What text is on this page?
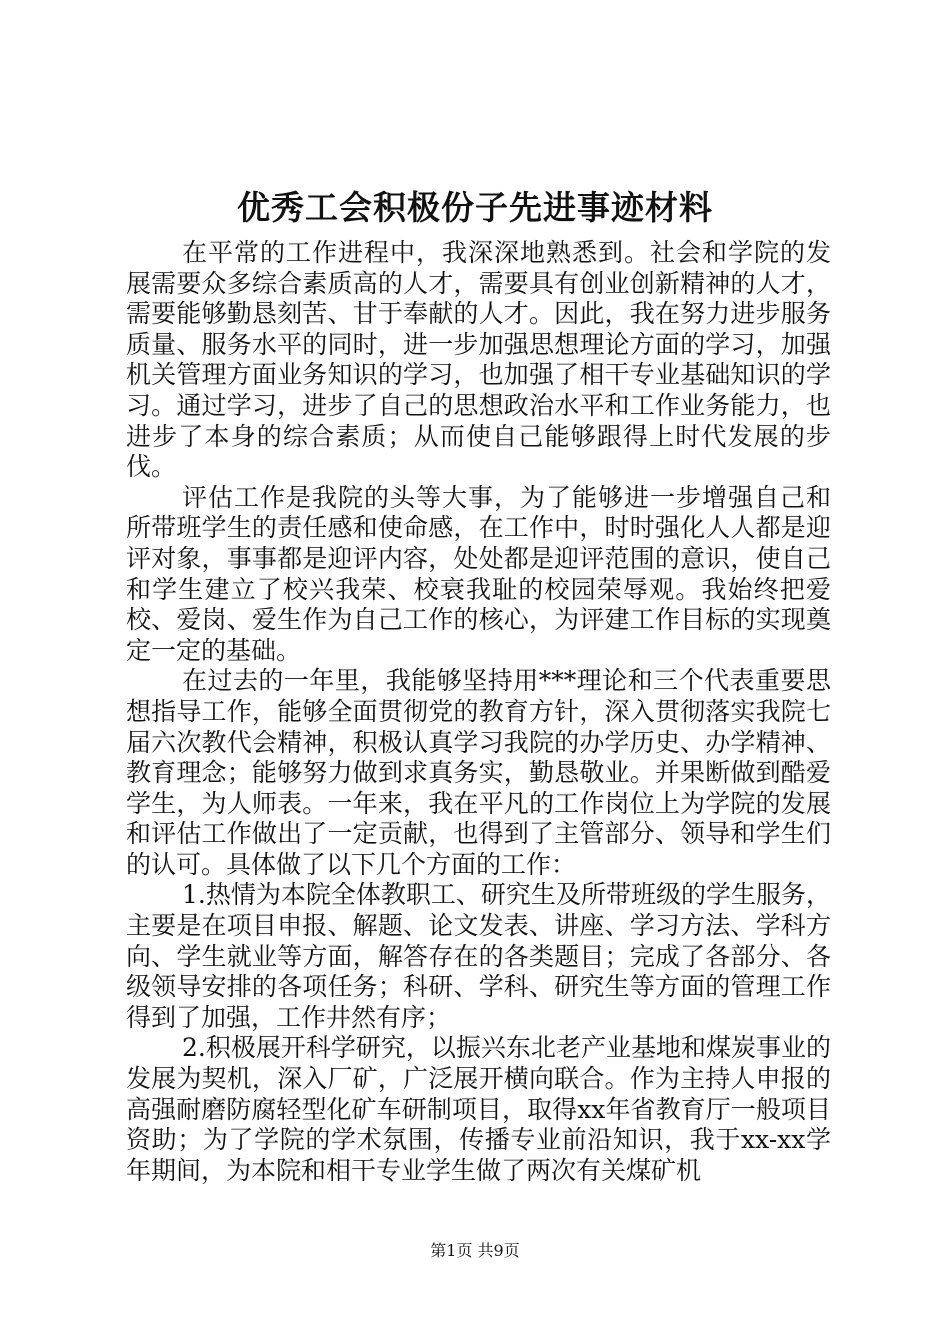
优秀工会积极份子先进事迹材料

在平常的工作进程中，我深深地熟悉到。社会和学院的发展需要众多综合素质高的人才，需要具有创业创新精神的人才，需要能够勤恳刻苦、甘于奉献的人才。因此，我在努力进步服务质量、服务水平的同时，进一步加强思想理论方面的学习，加强机关管理方面业务知识的学习，也加强了相干专业基础知识的学习。通过学习，进步了自己的思想政治水平和工作业务能力，也进步了本身的综合素质；从而使自己能够跟得上时代发展的步伐。

评估工作是我院的头等大事，为了能够进一步增强自己和所带班学生的责任感和使命感，在工作中，时时强化人人都是迎评对象，事事都是迎评内容，处处都是迎评范围的意识，使自己和学生建立了校兴我荣、校衰我耻的校园荣辱观。我始终把爱校、爱岗、爱生作为自己工作的核心，为评建工作目标的实现奠定一定的基础。

在过去的一年里，我能够坚持用***理论和三个代表重要思想指导工作，能够全面贯彻党的教育方针，深入贯彻落实我院七届六次教代会精神，积极认真学习我院的办学历史、办学精神、教育理念；能够努力做到求真务实，勤恳敬业。并果断做到酷爱学生，为人师表。一年来，我在平凡的工作岗位上为学院的发展和评估工作做出了一定贡献，也得到了主管部分、领导和学生们的认可。具体做了以下几个方面的工作：

1.热情为本院全体教职工、研究生及所带班级的学生服务，主要是在项目申报、解题、论文发表、讲座、学习方法、学科方向、学生就业等方面，解答存在的各类题目；完成了各部分、各级领导安排的各项任务；科研、学科、研究生等方面的管理工作得到了加强，工作井然有序；

2.积极展开科学研究，以振兴东北老产业基地和煤炭事业的发展为契机，深入厂矿，广泛展开横向联合。作为主持人申报的高强耐磨防腐轻型化矿车研制项目，取得xx年省教育厅一般项目资助；为了学院的学术氛围，传播专业前沿知识，我于xx-xx学年期间，为本院和相干专业学生做了两次有关煤矿机

第1页 共9页
